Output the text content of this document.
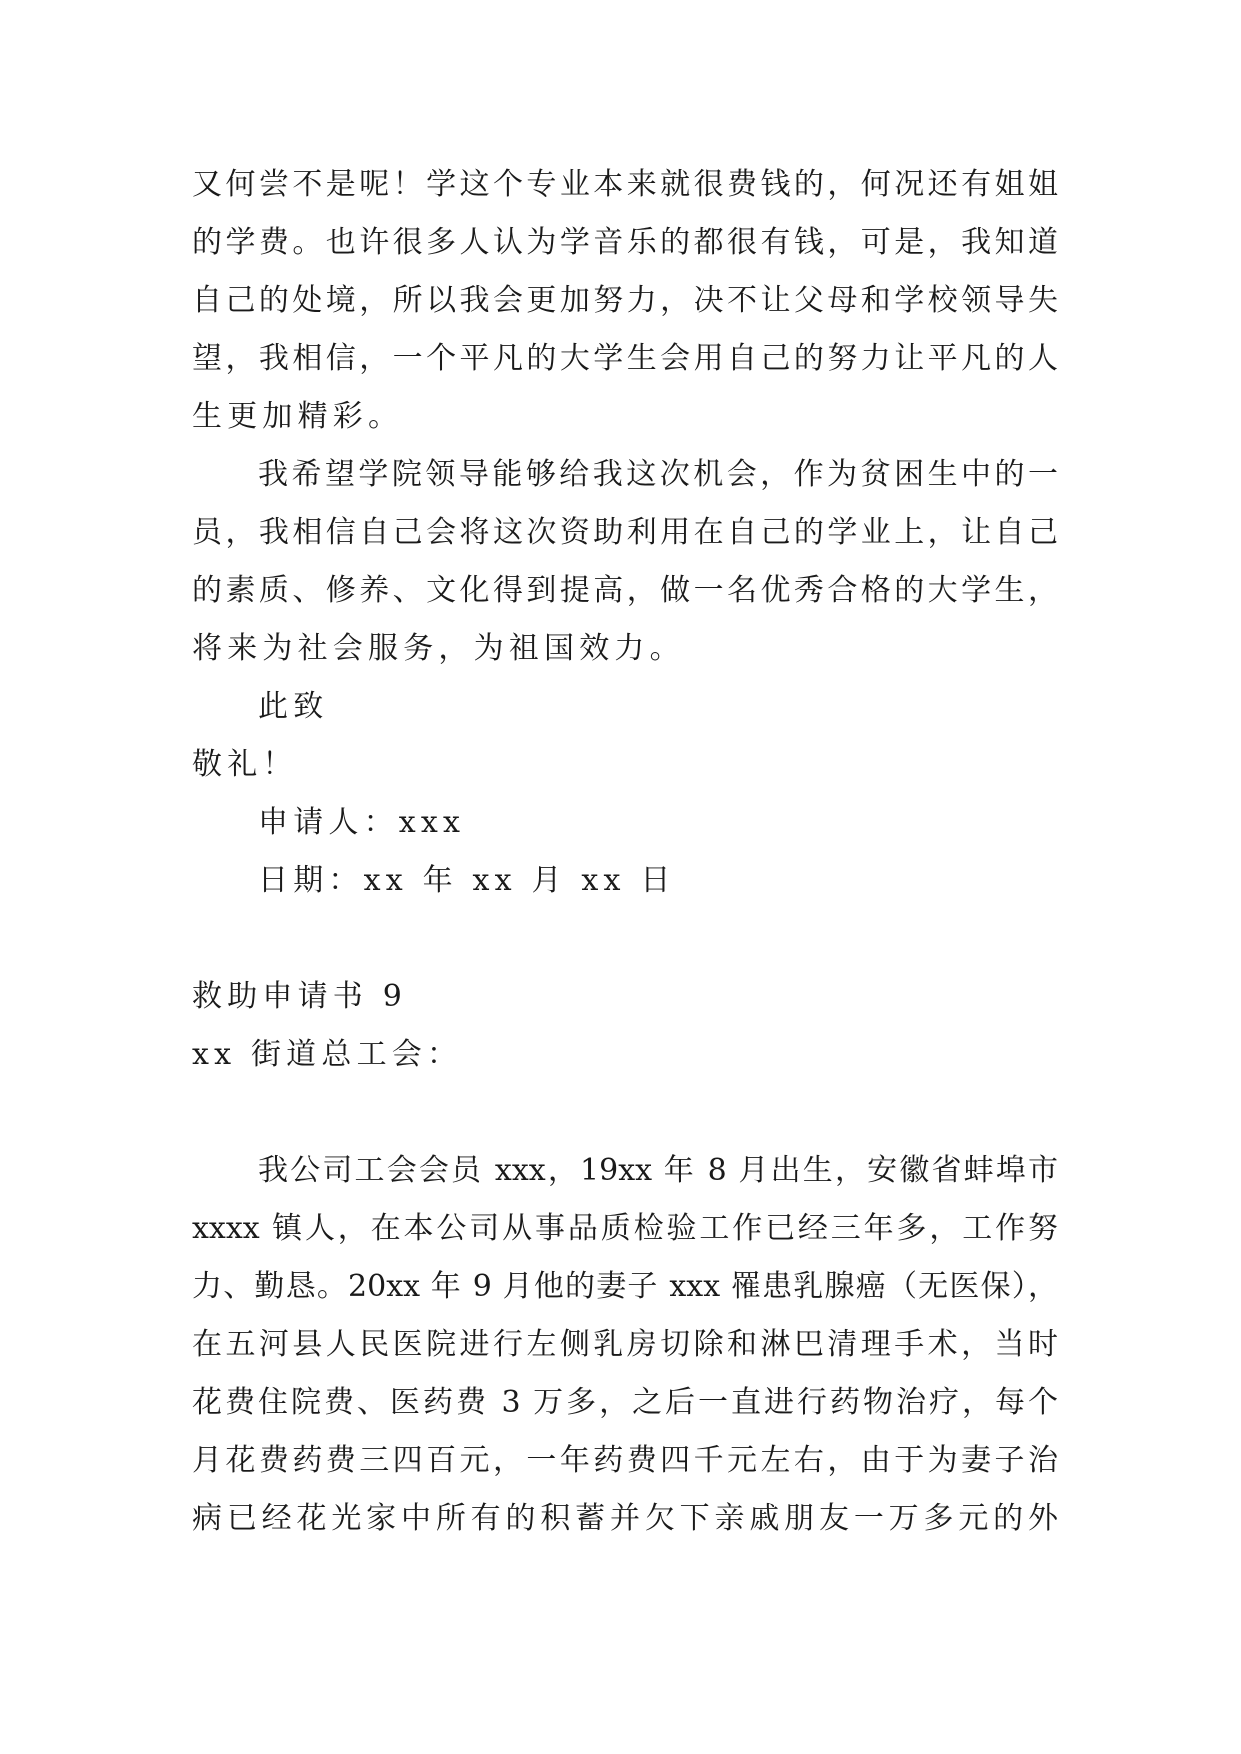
又何尝不是呢！学这个专业本来就很费钱的，何况还有姐姐
的学费。也许很多人认为学音乐的都很有钱，可是，我知道
自己的处境，所以我会更加努力，决不让父母和学校领导失
望，我相信，一个平凡的大学生会用自己的努力让平凡的人
生更加精彩。
我希望学院领导能够给我这次机会，作为贫困生中的一
员，我相信自己会将这次资助利用在自己的学业上，让自己
的素质、修养、文化得到提高，做一名优秀合格的大学生，
将来为社会服务，为祖国效力。
此致
敬礼！
申请人：xxx
日期：xx 年 xx 月 xx 日
救助申请书 9
xx 街道总工会：
我公司工会会员 xxx，19xx 年 8 月出生，安徽省蚌埠市
xxxx 镇人，在本公司从事品质检验工作已经三年多，工作努
力、勤恳。20xx 年 9 月他的妻子 xxx 罹患乳腺癌（无医保），
在五河县人民医院进行左侧乳房切除和淋巴清理手术，当时
花费住院费、医药费 3 万多，之后一直进行药物治疗，每个
月花费药费三四百元，一年药费四千元左右，由于为妻子治
病已经花光家中所有的积蓄并欠下亲戚朋友一万多元的外
